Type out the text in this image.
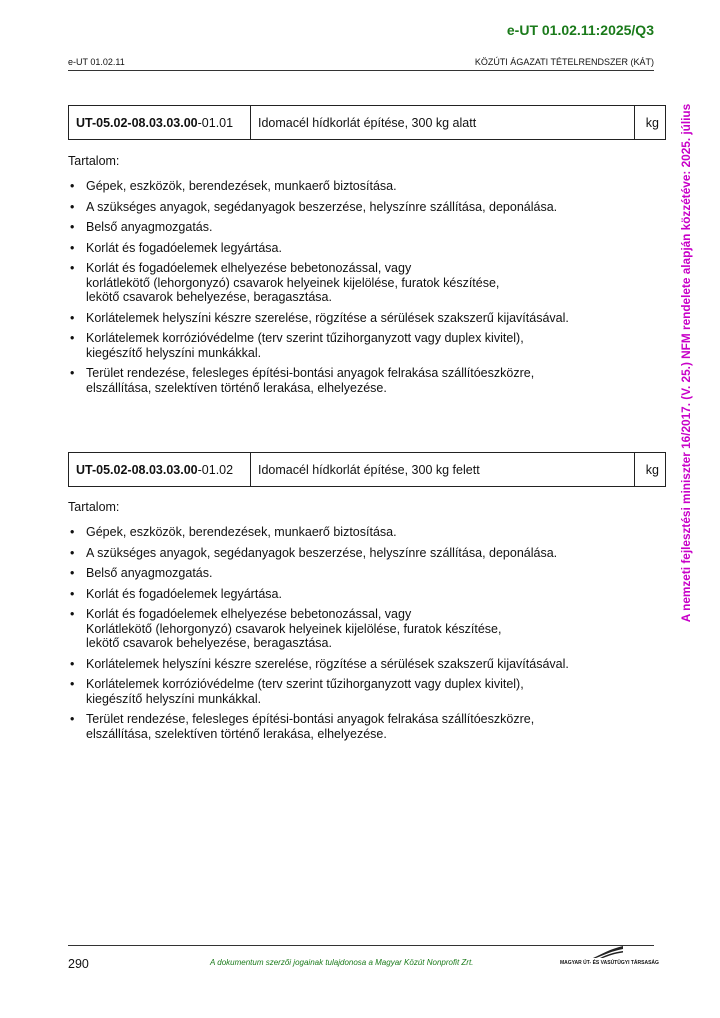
e-UT 01.02.11:2025/Q3
e-UT 01.02.11	KÖZÚTI ÁGAZATI TÉTELRENDSZER (KÁT)
A nemzeti fejlesztési miniszter 16/2017. (V. 25.) NFM rendelete alapján közzétéve: 2025. július
UT-05.02-08.03.03.00 -01.01 Idomacél hídkorlát építése, 300 kg alatt	kg
Tartalom:
• Gépek, eszközök, berendezések, munkaerő biztosítása.
• A szükséges anyagok, segédanyagok beszerzése, helyszínre szállítása, deponálása.
• Belső anyagmozgatás.
• Korlát és fogadóelemek legyártása.
• Korlát és fogadóelemek elhelyezése bebetonozással, vagy
korlátlekötő (lehorgonyzó) csavarok helyeinek kijelölése, furatok készítése,
lekötő csavarok behelyezése, beragasztása.
• Korlátelemek helyszíni készre szerelése, rögzítése a sérülések szakszerű kijavításával.
• Korlátelemek korrózióvédelme (terv szerint tűzihorganyzott vagy duplex kivitel),
kiegészítő helyszíni munkákkal.
• Terület rendezése, felesleges építési-bontási anyagok felrakása szállítóeszközre,
elszállítása, szelektíven történő lerakása, elhelyezése.
UT-05.02-08.03.03.00 -01.02 Idomacél hídkorlát építése, 300 kg felett	kg
Tartalom:
• Gépek, eszközök, berendezések, munkaerő biztosítása.
• A szükséges anyagok, segédanyagok beszerzése, helyszínre szállítása, deponálása.
• Belső anyagmozgatás.
• Korlát és fogadóelemek legyártása.
• Korlát és fogadóelemek elhelyezése bebetonozással, vagy
Korlátlekötő (lehorgonyzó) csavarok helyeinek kijelölése, furatok készítése,
lekötő csavarok behelyezése, beragasztása.
• Korlátelemek helyszíni készre szerelése, rögzítése a sérülések szakszerű kijavításával.
• Korlátelemek korrózióvédelme (terv szerint tűzihorganyzott vagy duplex kivitel),
kiegészítő helyszíni munkákkal.
• Terület rendezése, felesleges építési-bontási anyagok felrakása szállítóeszközre,
elszállítása, szelektíven történő lerakása, elhelyezése.
290	A dokumentum szerzői jogainak tulajdonosa a Magyar Közút Nonprofit Zrt.	MAGYAR ÚT- ÉS VASÚTÜGYI TÁRSASÁG
